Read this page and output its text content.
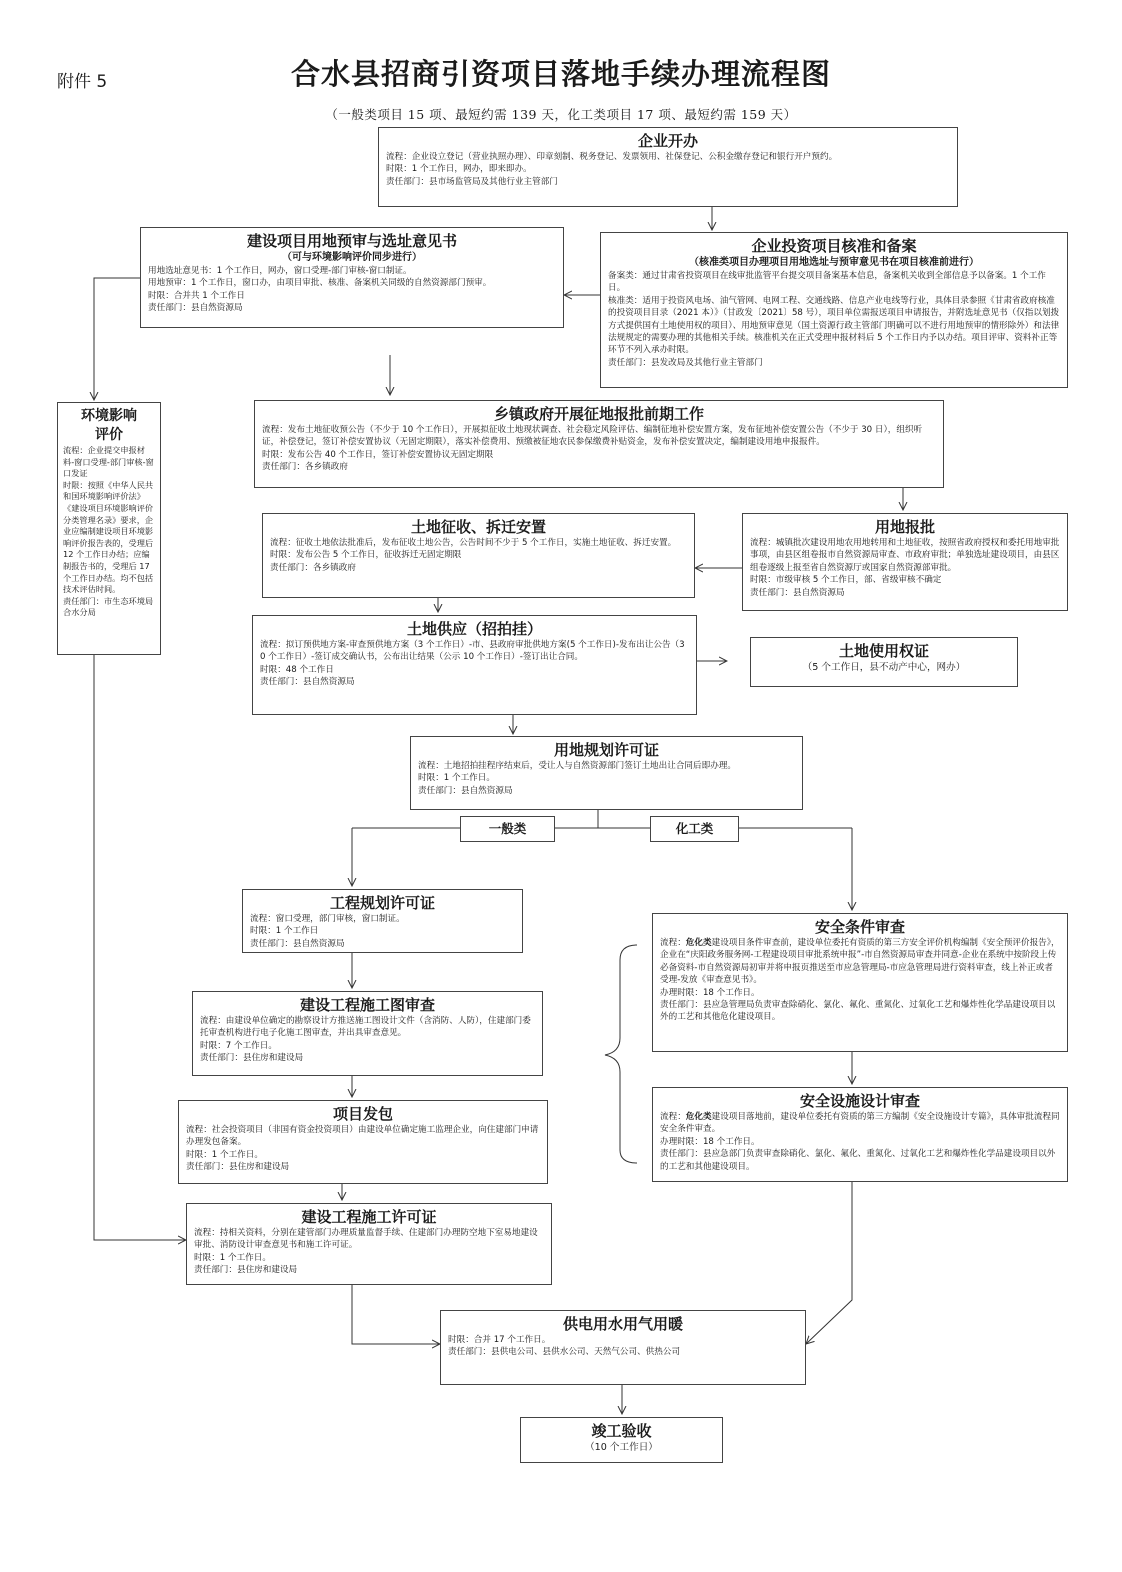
附件 5	合水县招商引资项目落地手续办理流程图
（一般类项目 15 项、最短约需 139 天，化工类项目 17 项、最短约需 159 天）
企业开办

流程：企业设立登记（营业执照办理）、印章刻制、税务登记、发票领用、社保登记、公积金缴存登记和银行开户预约。

时限：1 个工作日，网办，即来即办。

责任部门：县市场监管局及其他行业主管部门

建设项目用地预审与选址意见书
（可与环境影响评价同步进行）

用地选址意见书：1 个工作日，网办，窗口受理-部门审核-窗口制证。

用地预审：1 个工作日，窗口办，由项目审批、核准、备案机关同级的自然资源部门预审。

时限：合并共 1 个工作日

责任部门：县自然资源局

企业投资项目核准和备案
（核准类项目办理项目用地选址与预审意见书在项目核准前进行）

备案类：通过甘肃省投资项目在线审批监管平台提交项目备案基本信息，备案机关收到全部信息予以备案。1 个工作日。

核准类：适用于投资风电场、油气管网、电网工程、交通线路、信息产业电线等行业，具体目录参照《甘肃省政府核准的投资项目目录（2021 本）》（甘政发〔2021〕58 号），项目单位需报送项目申请报告，并附选址意见书（仅指以划拨方式提供国有土地使用权的项目）、用地预审意见（国土资源行政主管部门明确可以不进行用地预审的情形除外）和法律法规规定的需要办理的其他相关手续。核准机关在正式受理申报材料后 5 个工作日内予以办结。项目评审、资料补正等环节不列入承办时限。

责任部门：县发改局及其他行业主管部门

环境影响
评价

流程：企业提交申报材料-窗口受理-部门审核-窗口发证

时限：按照《中华人民共和国环境影响评价法》《建设项目环境影响评价分类管理名录》要求，企业应编制建设项目环境影响评价报告表的，受理后 12 个工作日办结；应编制报告书的，受理后 17 个工作日办结。均不包括技术评估时间。

责任部门：市生态环境局合水分局

乡镇政府开展征地报批前期工作

流程：发布土地征收预公告（不少于 10 个工作日），开展拟征收土地现状调查、社会稳定风险评估、编制征地补偿安置方案，发布征地补偿安置公告（不少于 30 日），组织听证，补偿登记，签订补偿安置协议（无固定期限），落实补偿费用、预缴被征地农民参保缴费补贴资金，发布补偿安置决定，编制建设用地申报报件。

时限：发布公告 40 个工作日，签订补偿安置协议无固定期限

责任部门：各乡镇政府

土地征收、拆迁安置

流程：征收土地依法批准后，发布征收土地公告，公告时间不少于 5 个工作日，实施土地征收、拆迁安置。

时限：发布公告 5 个工作日，征收拆迁无固定期限

责任部门：各乡镇政府

用地报批

流程：城镇批次建设用地农用地转用和土地征收，按照省政府授权和委托用地审批事项，由县区组卷报市自然资源局审查、市政府审批；单独选址建设项目，由县区组卷逐级上报至省自然资源厅或国家自然资源部审批。

时限：市级审核 5 个工作日，部、省级审核不确定

责任部门：县自然资源局

土地供应（招拍挂）

流程：拟订预供地方案-审查预供地方案（3 个工作日）-市、县政府审批供地方案(5 个工作日)-发布出让公告（30 个工作日）-签订成交确认书，公布出让结果（公示 10 个工作日）-签订出让合同。

时限：48 个工作日

责任部门：县自然资源局

土地使用权证
（5 个工作日，县不动产中心，网办）
用地规划许可证

流程：土地招拍挂程序结束后，受让人与自然资源部门签订土地出让合同后即办理。

时限：1 个工作日。

责任部门：县自然资源局

一般类	化工类
工程规划许可证

流程：窗口受理，部门审核，窗口制证。

时限：1 个工作日

责任部门：县自然资源局

建设工程施工图审查

流程：由建设单位确定的勘察设计方推送施工图设计文件（含消防、人防），住建部门委托审查机构进行电子化施工图审查，并出具审查意见。

时限：7 个工作日。

责任部门：县住房和建设局

项目发包

流程：社会投资项目（非国有资金投资项目）由建设单位确定施工监理企业，向住建部门申请办理发包备案。

时限：1 个工作日。

责任部门：县住房和建设局

建设工程施工许可证

流程：持相关资料，分别在建管部门办理质量监督手续、住建部门办理防空地下室易地建设审批、消防设计审查意见书和施工许可证。

时限：1 个工作日。

责任部门：县住房和建设局

安全条件审查

流程：危化类建设项目条件审查前，建设单位委托有资质的第三方安全评价机构编制《安全预评价报告》，企业在“庆阳政务服务网-工程建设项目审批系统申报”-市自然资源局审查并同意-企业在系统中按阶段上传必备资料-市自然资源局初审并将申报页推送至市应急管理局-市应急管理局进行资料审查，线上补正或者受理-发放《审查意见书》。

办理时限：18 个工作日。

责任部门：县应急管理局负责审查除硝化、氯化、氟化、重氮化、过氧化工艺和爆炸性化学品建设项目以外的工艺和其他危化建设项目。

安全设施设计审查

流程：危化类建设项目落地前，建设单位委托有资质的第三方编制《安全设施设计专篇》，具体审批流程同安全条件审查。

办理时限：18 个工作日。

责任部门：县应急部门负责审查除硝化、氯化、氟化、重氮化、过氧化工艺和爆炸性化学品建设项目以外的工艺和其他建设项目。

供电用水用气用暖

时限：合并 17 个工作日。

责任部门：县供电公司、县供水公司、天然气公司、供热公司

竣工验收
（10 个工作日）
